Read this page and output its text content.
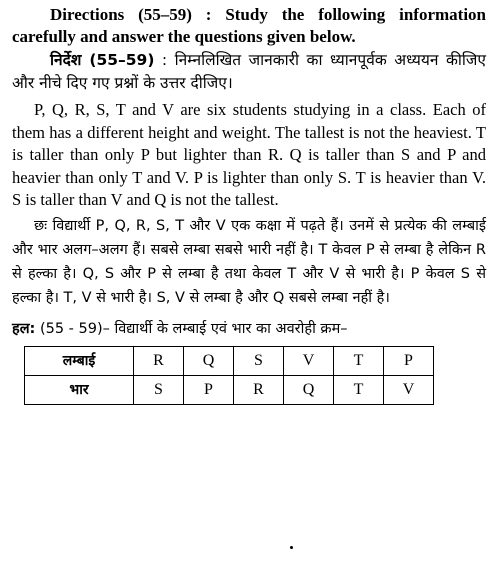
Directions (55–59) : Study the following information carefully and answer the questions given below.

निर्देश (55–59) : निम्नलिखित जानकारी का ध्यानपूर्वक अध्ययन कीजिए और नीचे दिए गए प्रश्नों के उत्तर दीजिए।

P, Q, R, S, T and V are six students studying in a class. Each of them has a different height and weight. The tallest is not the heaviest. T is taller than only P but lighter than R. Q is taller than S and P and heavier than only T and V. P is lighter than only S. T is heavier than V. S is taller than V and Q is not the tallest.

छः विद्यार्थी P, Q, R, S, T और V एक कक्षा में पढ़ते हैं। उनमें से प्रत्येक की लम्बाई और भार अलग–अलग हैं। सबसे लम्बा सबसे भारी नहीं है। T केवल P से लम्बा है लेकिन R से हल्का है। Q, S और P से लम्बा है तथा केवल T और V से भारी है। P केवल S से हल्का है। T, V से भारी है। S, V से लम्बा है और Q सबसे लम्बा नहीं है।

हल: (55 - 59)– विद्यार्थी के लम्बाई एवं भार का अवरोही क्रम–

लम्बाई	R	Q	S	V	T	P
भार	S	P	R	Q	T	V
